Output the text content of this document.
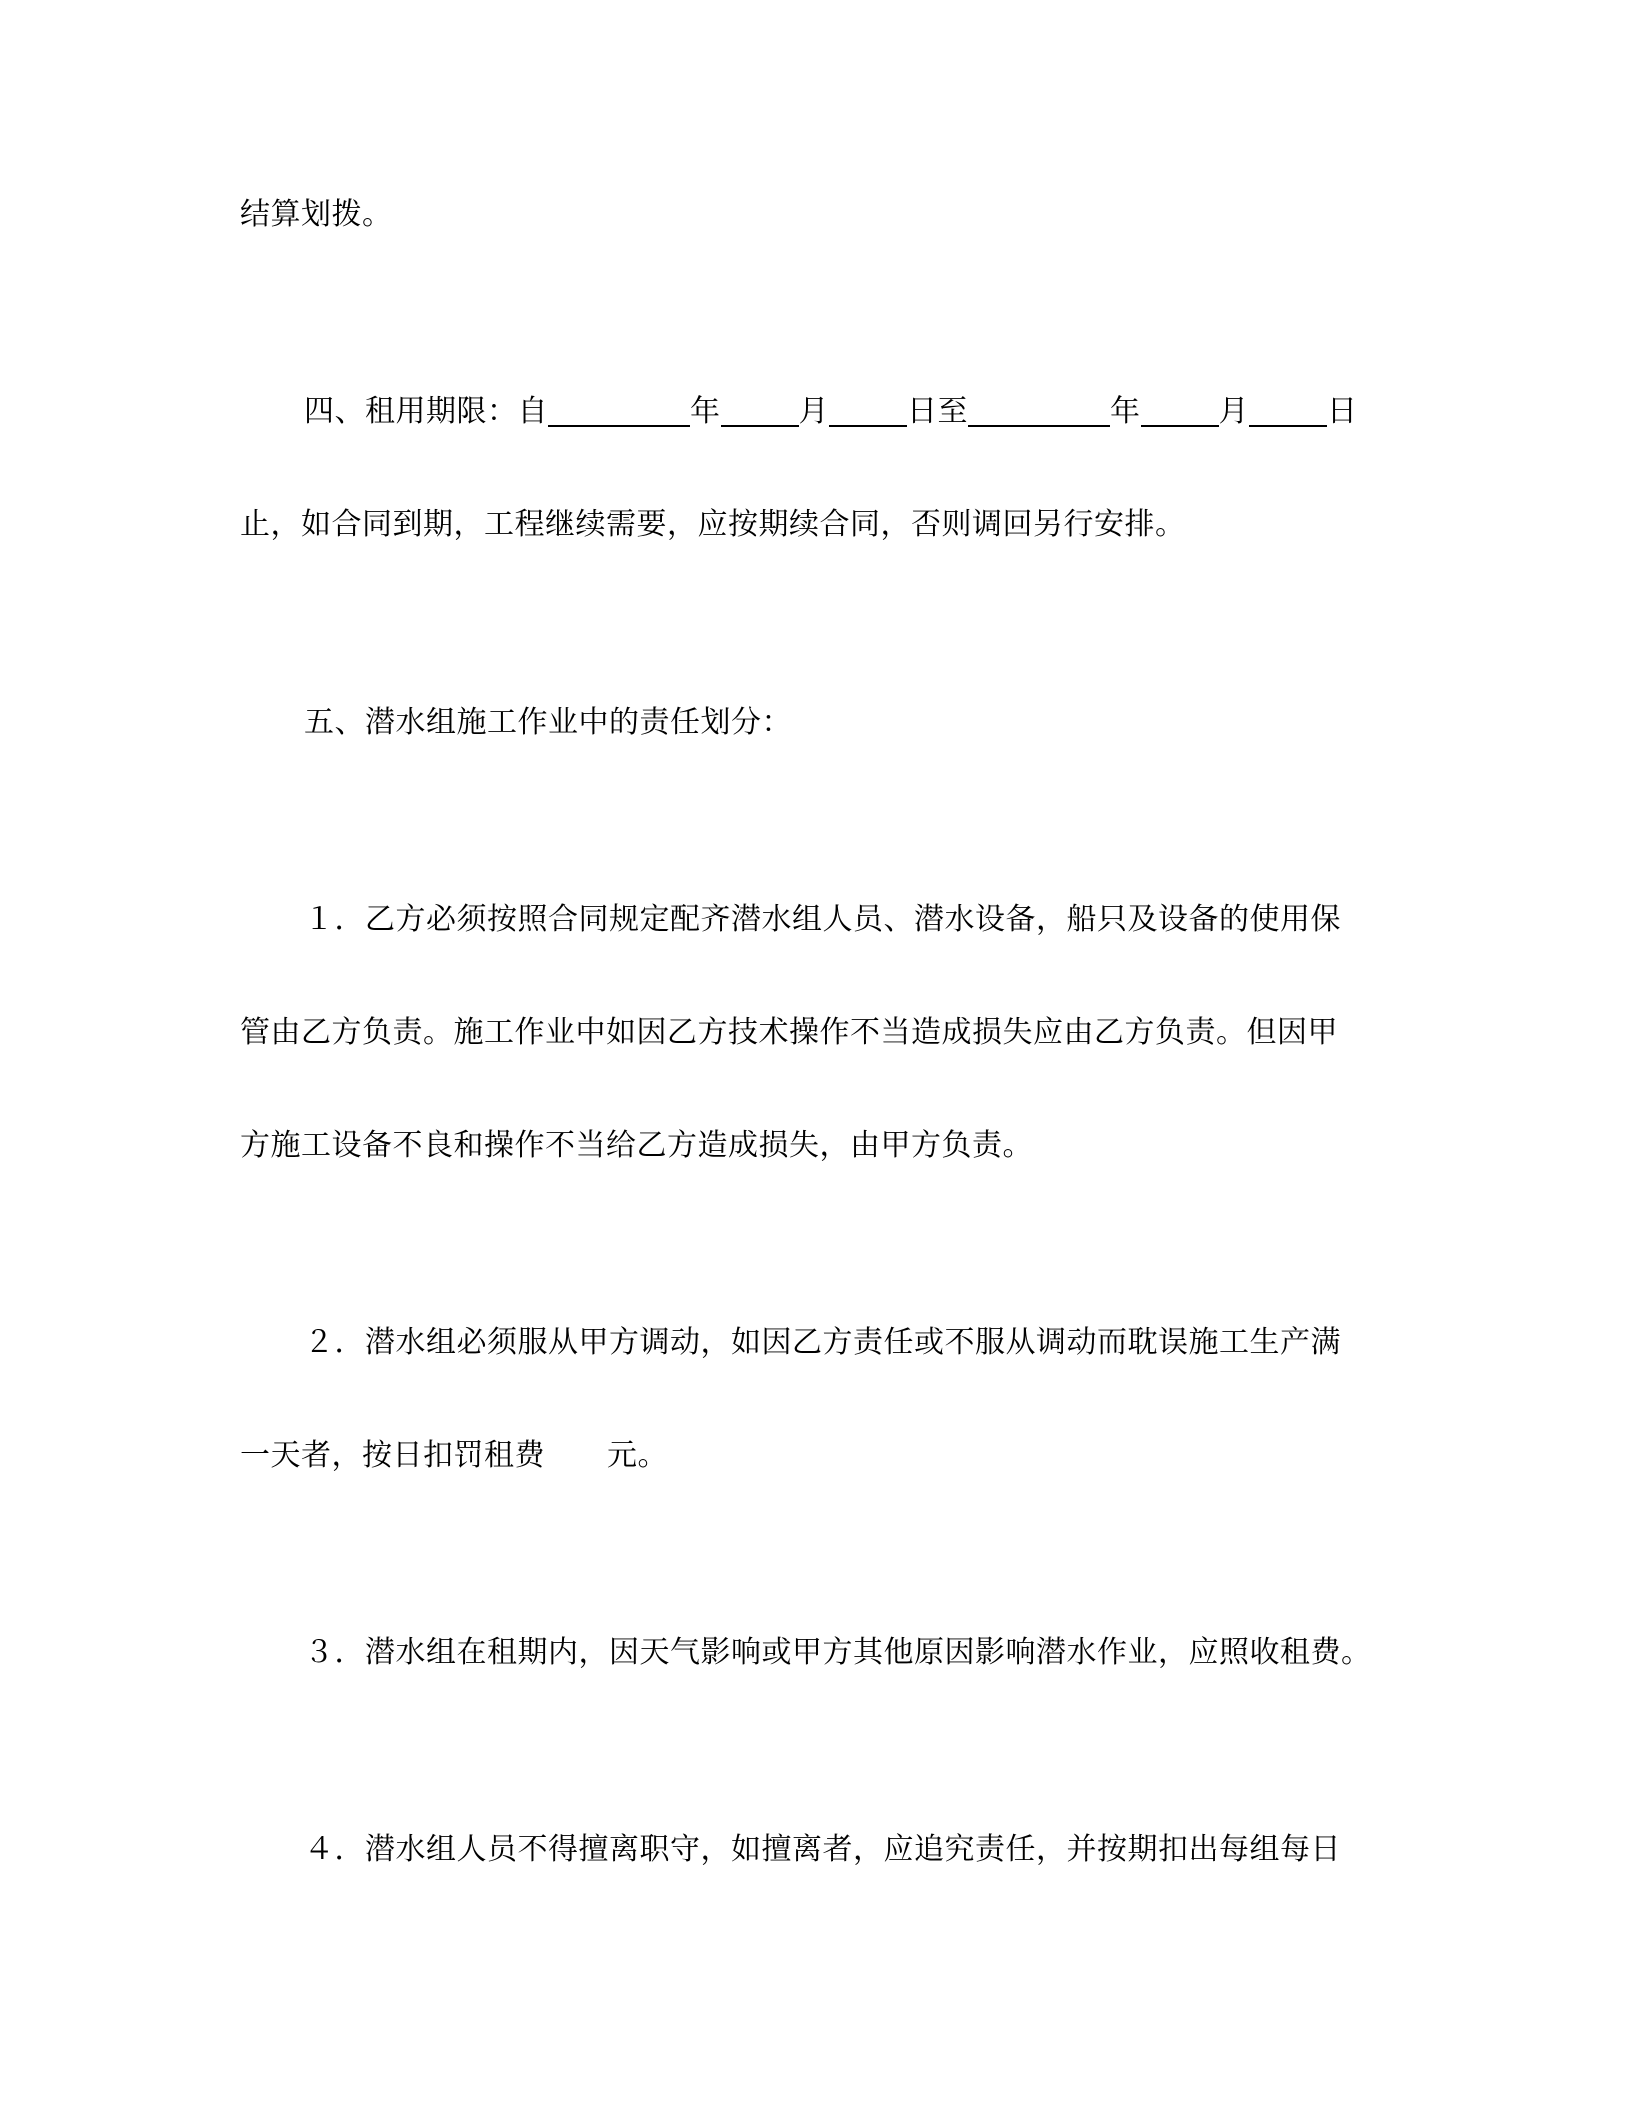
结算划拨。
四、租用期限：自	年	月	日至	年	月	日
止，如合同到期，工程继续需要，应按期续合同，否则调回另行安排。
五、潜水组施工作业中的责任划分：
１．乙方必须按照合同规定配齐潜水组人员、潜水设备，船只及设备的使用保
管由乙方负责。施工作业中如因乙方技术操作不当造成损失应由乙方负责。但因甲
方施工设备不良和操作不当给乙方造成损失，由甲方负责。
２．潜水组必须服从甲方调动，如因乙方责任或不服从调动而耽误施工生产满
一天者，按日扣罚租费 元。
３．潜水组在租期内，因天气影响或甲方其他原因影响潜水作业，应照收租费。
４．潜水组人员不得擅离职守，如擅离者，应追究责任，并按期扣出每组每日
